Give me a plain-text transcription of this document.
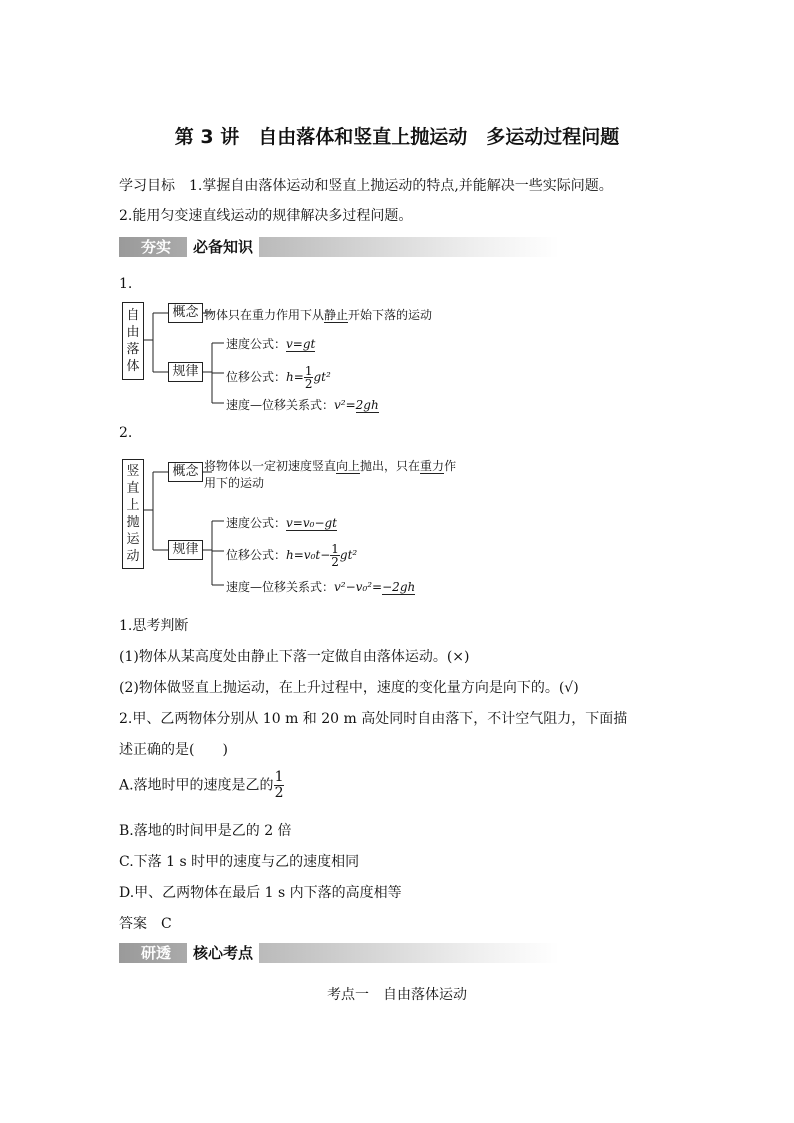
第 3 讲　自由落体和竖直上抛运动　多运动过程问题
学习目标　1.掌握自由落体运动和竖直上抛运动的特点,并能解决一些实际问题。
2.能用匀变速直线运动的规律解决多过程问题。
夯实	必备知识
1.
自
由
落
体
概念 物体只在重力作用下从静止开始下落的运动
规律
速度公式：v=gt
位移公式：$h= \frac{1}{2} gt^2$
速度—位移关系式：v²=2gh
2.
竖
直
上
抛
运
动
概念 将物体以一定初速度竖直向上抛出，只在重力作
用下的运动
规律
速度公式：v=v₀−gt
位移公式：$h=v_0t- \frac{1}{2} gt^2$
速度—位移关系式：v²−v₀²=−2gh
1.思考判断
(1)物体从某高度处由静止下落一定做自由落体运动。(×)
(2)物体做竖直上抛运动，在上升过程中，速度的变化量方向是向下的。(√)
2.甲、乙两物体分别从 10 m 和 20 m 高处同时自由落下，不计空气阻力，下面描
述正确的是(　　)
A.落地时甲的速度是乙的 $\frac{1}{2}$
B.落地的时间甲是乙的 2 倍
C.下落 1 s 时甲的速度与乙的速度相同
D.甲、乙两物体在最后 1 s 内下落的高度相等
答案　C
研透	核心考点
考点一　自由落体运动
